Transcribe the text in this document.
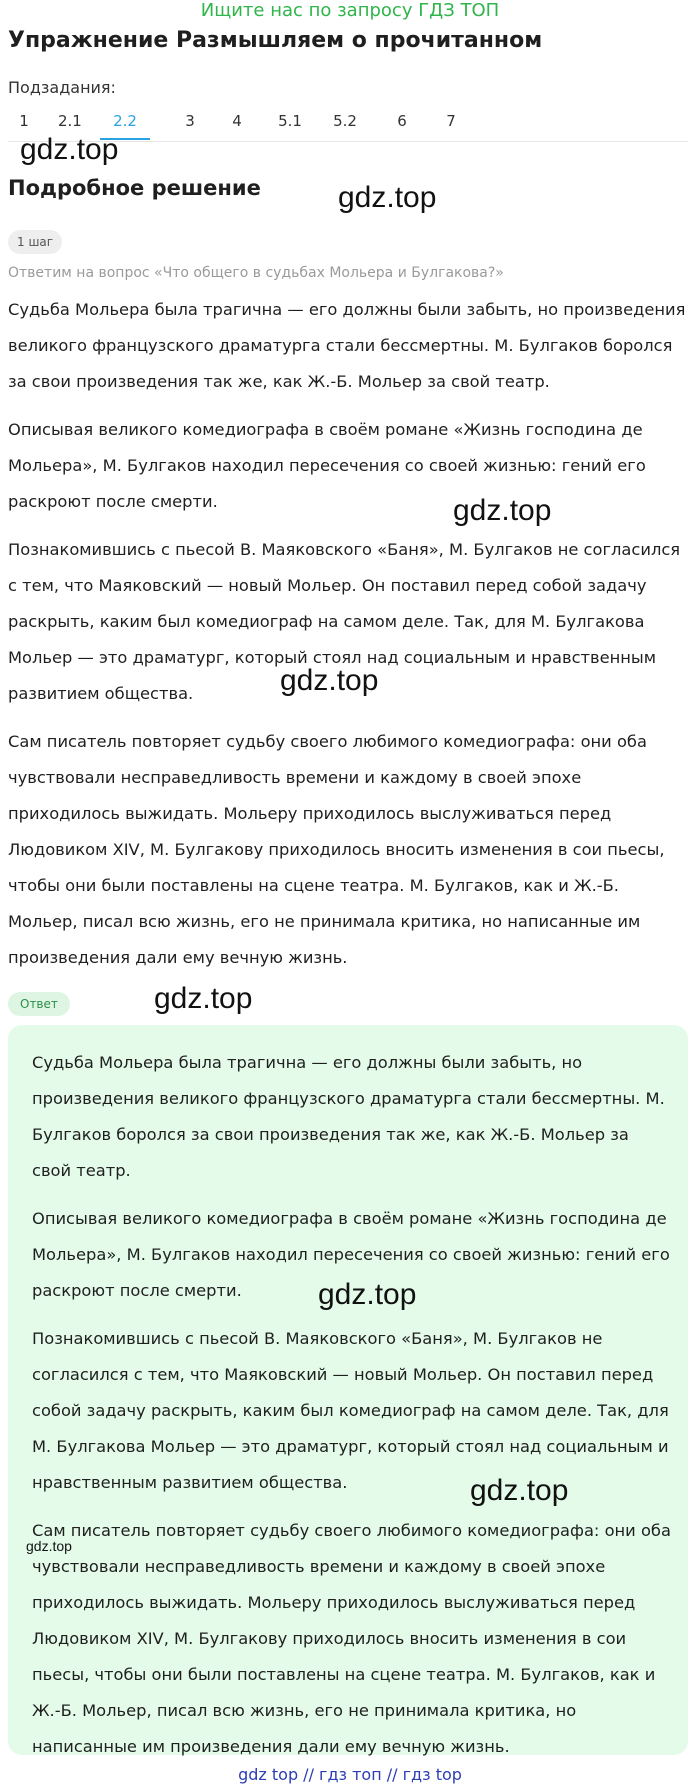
Ищите нас по запросу ГДЗ ТОП
Упражнение Размышляем о прочитанном
Подзадания:
1 2.1	2.2	3 4 5.1 5.2	6	7
gdz.top
Подробное решение	gdz.top
1 шаг
Ответим на вопрос «Что общего в судьбах Мольера и Булгакова?»

Судьба Мольера была трагична — его должны были забыть, но произведения великого французского драматурга стали бессмертны. М. Булгаков боролся за свои произведения так же, как Ж.-Б. Мольер за свой театр.

Описывая великого комедиографа в своём романе «Жизнь господина де Мольера», М. Булгаков находил пересечения со своей жизнью: гений его раскроют после смерти.

Познакомившись с пьесой В. Маяковского «Баня», М. Булгаков не согласился с тем, что Маяковский — новый Мольер. Он поставил перед собой задачу раскрыть, каким был комедиограф на самом деле. Так, для М. Булгакова Мольер — это драматург, который стоял над социальным и нравственным развитием общества.

Сам писатель повторяет судьбу своего любимого комедиографа: они оба чувствовали несправедливость времени и каждому в своей эпохе приходилось выжидать. Мольеру приходилось выслуживаться перед Людовиком XIV, М. Булгакову приходилось вносить изменения в сои пьесы, чтобы они были поставлены на сцене театра. М. Булгаков, как и Ж.-Б. Мольер, писал всю жизнь, его не принимала критика, но написанные им произведения дали ему вечную жизнь.

gdz.top
gdz.top
Ответ	gdz.top

Судьба Мольера была трагична — его должны были забыть, но произведения великого французского драматурга стали бессмертны. М. Булгаков боролся за свои произведения так же, как Ж.-Б. Мольер за свой театр.

Описывая великого комедиографа в своём романе «Жизнь господина де Мольера», М. Булгаков находил пересечения со своей жизнью: гений его раскроют после смерти.

Познакомившись с пьесой В. Маяковского «Баня», М. Булгаков не согласился с тем, что Маяковский — новый Мольер. Он поставил перед собой задачу раскрыть, каким был комедиограф на самом деле. Так, для М. Булгакова Мольер — это драматург, который стоял над социальным и нравственным развитием общества.

Сам писатель повторяет судьбу своего любимого комедиографа: они оба чувствовали несправедливость времени и каждому в своей эпохе приходилось выжидать. Мольеру приходилось выслуживаться перед Людовиком XIV, М. Булгакову приходилось вносить изменения в сои пьесы, чтобы они были поставлены на сцене театра. М. Булгаков, как и Ж.-Б. Мольер, писал всю жизнь, его не принимала критика, но написанные им произведения дали ему вечную жизнь.

gdz.top
gdz.top
gdz.top
gdz top // гдз топ // гдз top
